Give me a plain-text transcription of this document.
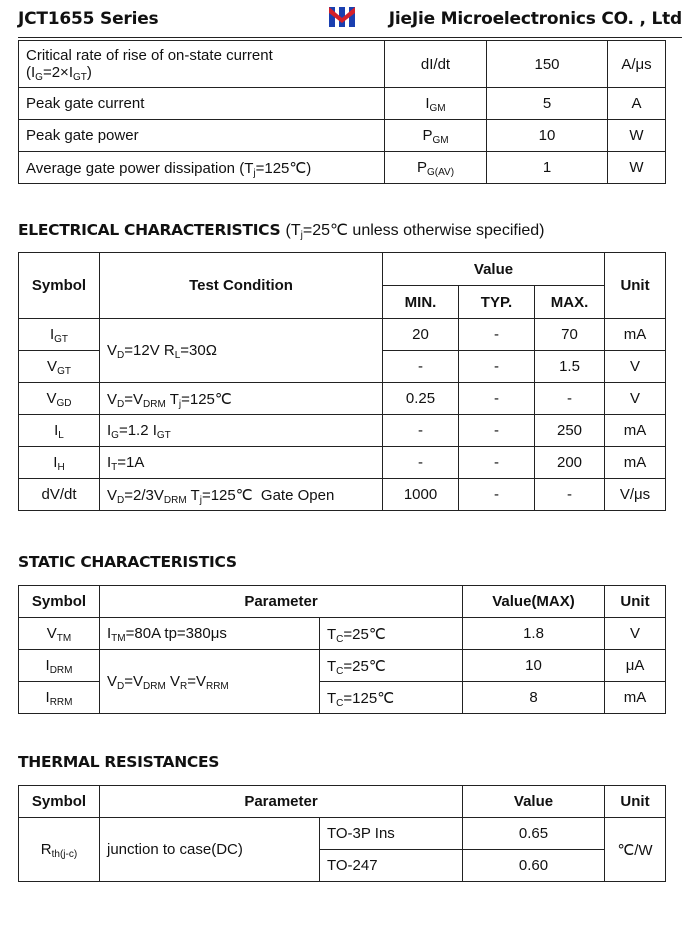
JCT1655 Series	JieJie Microelectronics CO. , Ltd
Critical rate of rise of on-state current
$(I_G=2\times I_{GT})$	dI/dt	150	A/μs
Peak gate current	$I_{GM}$	5	A
Peak gate power	$P_{GM}$	10	W
Average gate power dissipation $(T_j=125℃)$	$P_{G(AV)}$	1	W
ELECTRICAL CHARACTERISTICS ($T_j=25℃$ unless otherwise specified)
Symbol	Test Condition	Value			Unit
		MIN.	TYP.	MAX.	
$I_{GT}$	$V_D=12V$ $R_L=30\Omega$	20	-	70	mA
$V_{GT}$		-	-	1.5	V
$V_{GD}$	$V_D=V_{DRM}$ $T_j=125℃$	0.25	-	-	V
$I_L$	$I_G=1.2$ $I_{GT}$	-	-	250	mA
$I_H$	$I_T=1A$	-	-	200	mA
dV/dt	$V_D=2/3V_{DRM}$ $T_j=125℃$  Gate Open	1000	-	-	V/μs
STATIC CHARACTERISTICS
Symbol	Parameter		Value(MAX)	Unit
$V_{TM}$	$I_{TM}=80A$ tp=380μs	$T_C=25℃$	1.8	V
$I_{DRM}$	$V_D=V_{DRM}$ $V_R=V_{RRM}$	$T_C=25℃$	10	μA
$I_{RRM}$		$T_C=125℃$	8	mA
THERMAL RESISTANCES
Symbol	Parameter		Value	Unit
$R_{th(j-c)}$	junction to case(DC)	TO-3P Ins	0.65	℃/W
		TO-247	0.60	
